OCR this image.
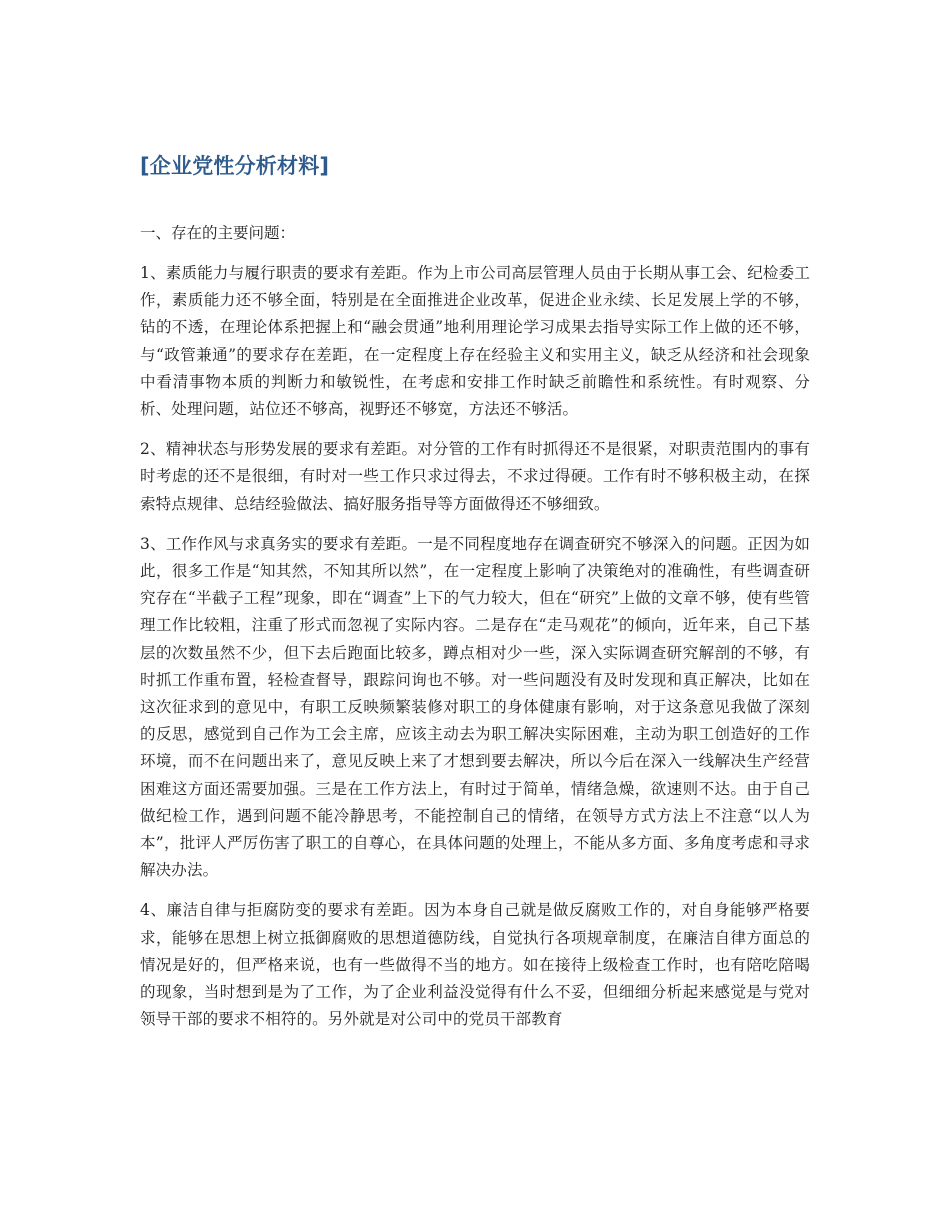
[企业党性分析材料]

一、存在的主要问题：

1、素质能力与履行职责的要求有差距。作为上市公司高层管理人员由于长期从事工会、纪检委工作，素质能力还不够全面，特别是在全面推进企业改革，促进企业永续、长足发展上学的不够，钻的不透，在理论体系把握上和“融会贯通”地利用理论学习成果去指导实际工作上做的还不够，与“政管兼通”的要求存在差距，在一定程度上存在经验主义和实用主义，缺乏从经济和社会现象中看清事物本质的判断力和敏锐性，在考虑和安排工作时缺乏前瞻性和系统性。有时观察、分析、处理问题，站位还不够高，视野还不够宽，方法还不够活。

2、精神状态与形势发展的要求有差距。对分管的工作有时抓得还不是很紧，对职责范围内的事有时考虑的还不是很细，有时对一些工作只求过得去，不求过得硬。工作有时不够积极主动，在探索特点规律、总结经验做法、搞好服务指导等方面做得还不够细致。

3、工作作风与求真务实的要求有差距。一是不同程度地存在调查研究不够深入的问题。正因为如此，很多工作是“知其然，不知其所以然”，在一定程度上影响了决策绝对的准确性，有些调查研究存在“半截子工程”现象，即在“调查”上下的气力较大，但在“研究”上做的文章不够，使有些管理工作比较粗，注重了形式而忽视了实际内容。二是存在“走马观花”的倾向，近年来，自己下基层的次数虽然不少，但下去后跑面比较多，蹲点相对少一些，深入实际调查研究解剖的不够，有时抓工作重布置，轻检查督导，跟踪问询也不够。对一些问题没有及时发现和真正解决，比如在这次征求到的意见中，有职工反映频繁装修对职工的身体健康有影响，对于这条意见我做了深刻的反思，感觉到自己作为工会主席，应该主动去为职工解决实际困难，主动为职工创造好的工作环境，而不在问题出来了，意见反映上来了才想到要去解决，所以今后在深入一线解决生产经营困难这方面还需要加强。三是在工作方法上，有时过于简单，情绪急燥，欲速则不达。由于自己做纪检工作，遇到问题不能冷静思考，不能控制自己的情绪，在领导方式方法上不注意“以人为本”，批评人严厉伤害了职工的自尊心，在具体问题的处理上，不能从多方面、多角度考虑和寻求解决办法。

4、廉洁自律与拒腐防变的要求有差距。因为本身自己就是做反腐败工作的，对自身能够严格要求，能够在思想上树立抵御腐败的思想道德防线，自觉执行各项规章制度，在廉洁自律方面总的情况是好的，但严格来说，也有一些做得不当的地方。如在接待上级检查工作时，也有陪吃陪喝的现象，当时想到是为了工作，为了企业利益没觉得有什么不妥，但细细分析起来感觉是与党对领导干部的要求不相符的。另外就是对公司中的党员干部教育
